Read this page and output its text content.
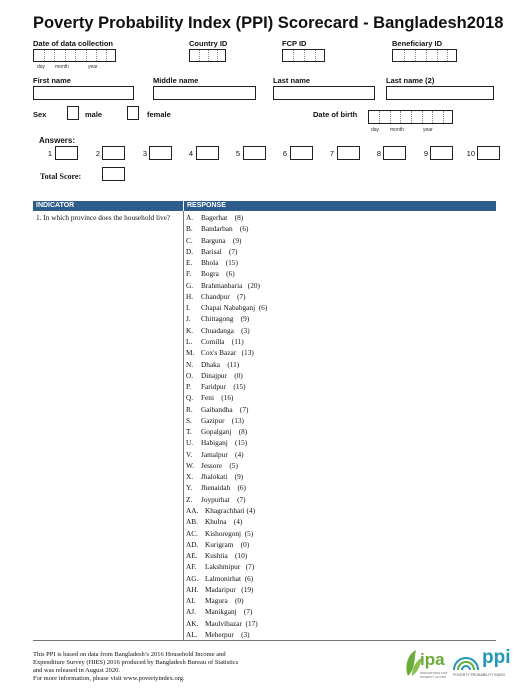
Poverty Probability Index (PPI) Scorecard - Bangladesh2018
Date of data collection	Country ID	FCP ID	Beneficiary ID
day month	year
First name	Middle name	Last name	Last name (2)
Sex	male	female	Date of birth
day month	year
Answers:
1	2	3	4	5	6	7	8	9	10
Total Score:
INDICATOR	RESPONSE
1. In which province does the household live?	A. Bagerhat    (8)
B. Bandarban    (6)
C. Barguna    (9)
D. Barisal    (7)
E. Bhola    (15)
F. Bogra    (6)
G. Brahmanbaria   (20)
H. Chandpur    (7)
I. Chapai Nababganj  (6)
J. Chittagong    (9)
K. Chuadanga    (3)
L. Comilla    (11)
M. Cox's Bazar   (13)
N. Dhaka    (11)
O. Dinajpur    (0)
P. Faridpur    (15)
Q. Feni    (16)
R. Gaibandha    (7)
S. Gazipur    (13)
T. Gopalganj    (8)
U. Habiganj    (15)
V. Jamalpur    (4)
W. Jessore    (5)
X. Jhalokati    (9)
Y. Jhenaidah    (6)
Z. Joypurhat    (7)
AA. Khagrachhari (4)
AB. Khulna    (4)
AC. Kishoregonj  (5)
AD. Kurigram    (0)
AE. Kushtia    (10)
AF. Lakshmipur   (7)
AG. Lalmonirhat  (6)
AH. Madaripur   (19)
AI. Magura    (0)
AJ. Manikganj    (7)
AK. Maulvibazar  (17)
AL. Meherpur    (3)
This PPI is based on data from Bangladesh’s 2016 Household Income and
Expenditure Survey (HIES) 2016 produced by Bangladesh Bureau of Statistics
and was released in August 2020.
For more information, please visit www.povertyindex.org.
ipa
INNOVATIONS FOR POVERTY ACTION
ppi
POVERTY PROBABILITY INDEX
